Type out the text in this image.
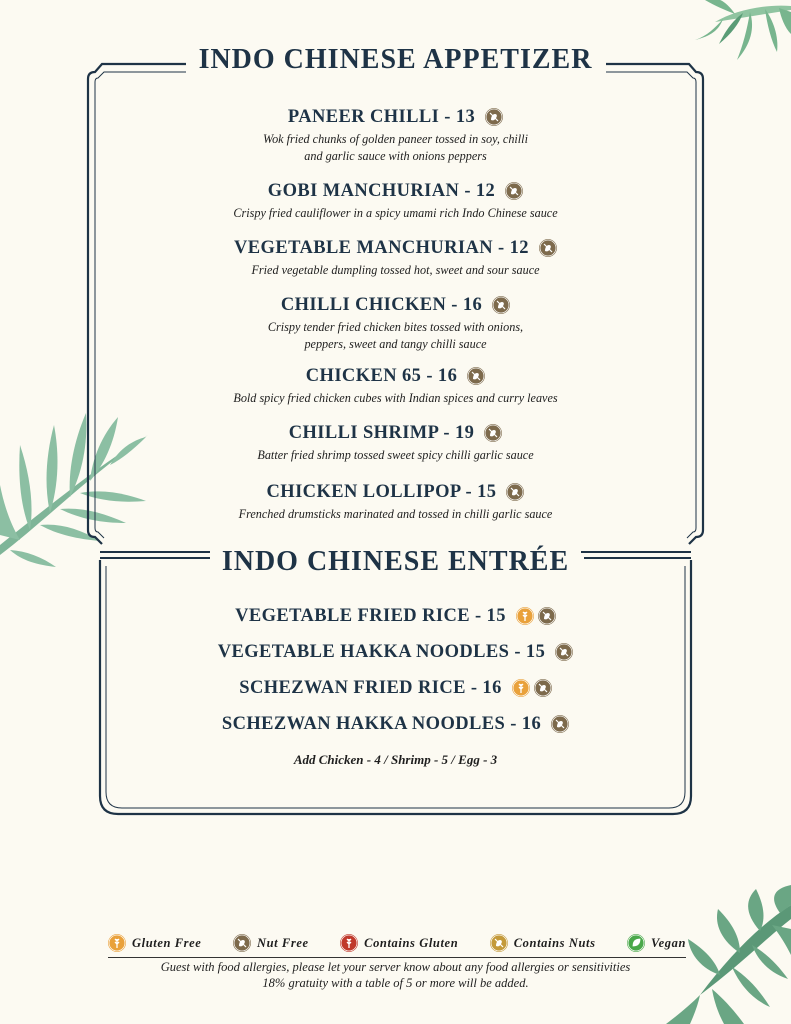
INDO CHINESE APPETIZER
PANEER CHILLI - 13
Wok fried chunks of golden paneer tossed in soy, chilli
and garlic sauce with onions peppers
GOBI MANCHURIAN - 12
Crispy fried cauliflower in a spicy umami rich Indo Chinese sauce
VEGETABLE MANCHURIAN - 12
Fried vegetable dumpling tossed hot, sweet and sour sauce
CHILLI CHICKEN - 16
Crispy tender fried chicken bites tossed with onions,
peppers, sweet and tangy chilli sauce
CHICKEN 65 - 16
Bold spicy fried chicken cubes with Indian spices and curry leaves
CHILLI SHRIMP - 19
Batter fried shrimp tossed sweet spicy chilli garlic sauce
CHICKEN LOLLIPOP - 15
Frenched drumsticks marinated and tossed in chilli garlic sauce
INDO CHINESE ENTRÉE
VEGETABLE FRIED RICE - 15
VEGETABLE HAKKA NOODLES - 15
SCHEZWAN FRIED RICE - 16
SCHEZWAN HAKKA NOODLES - 16
Add Chicken - 4 / Shrimp - 5 / Egg - 3
Gluten Free	Nut Free	Contains Gluten	Contains Nuts	Vegan
Guest with food allergies, please let your server know about any food allergies or sensitivities
18% gratuity with a table of 5 or more will be added.
